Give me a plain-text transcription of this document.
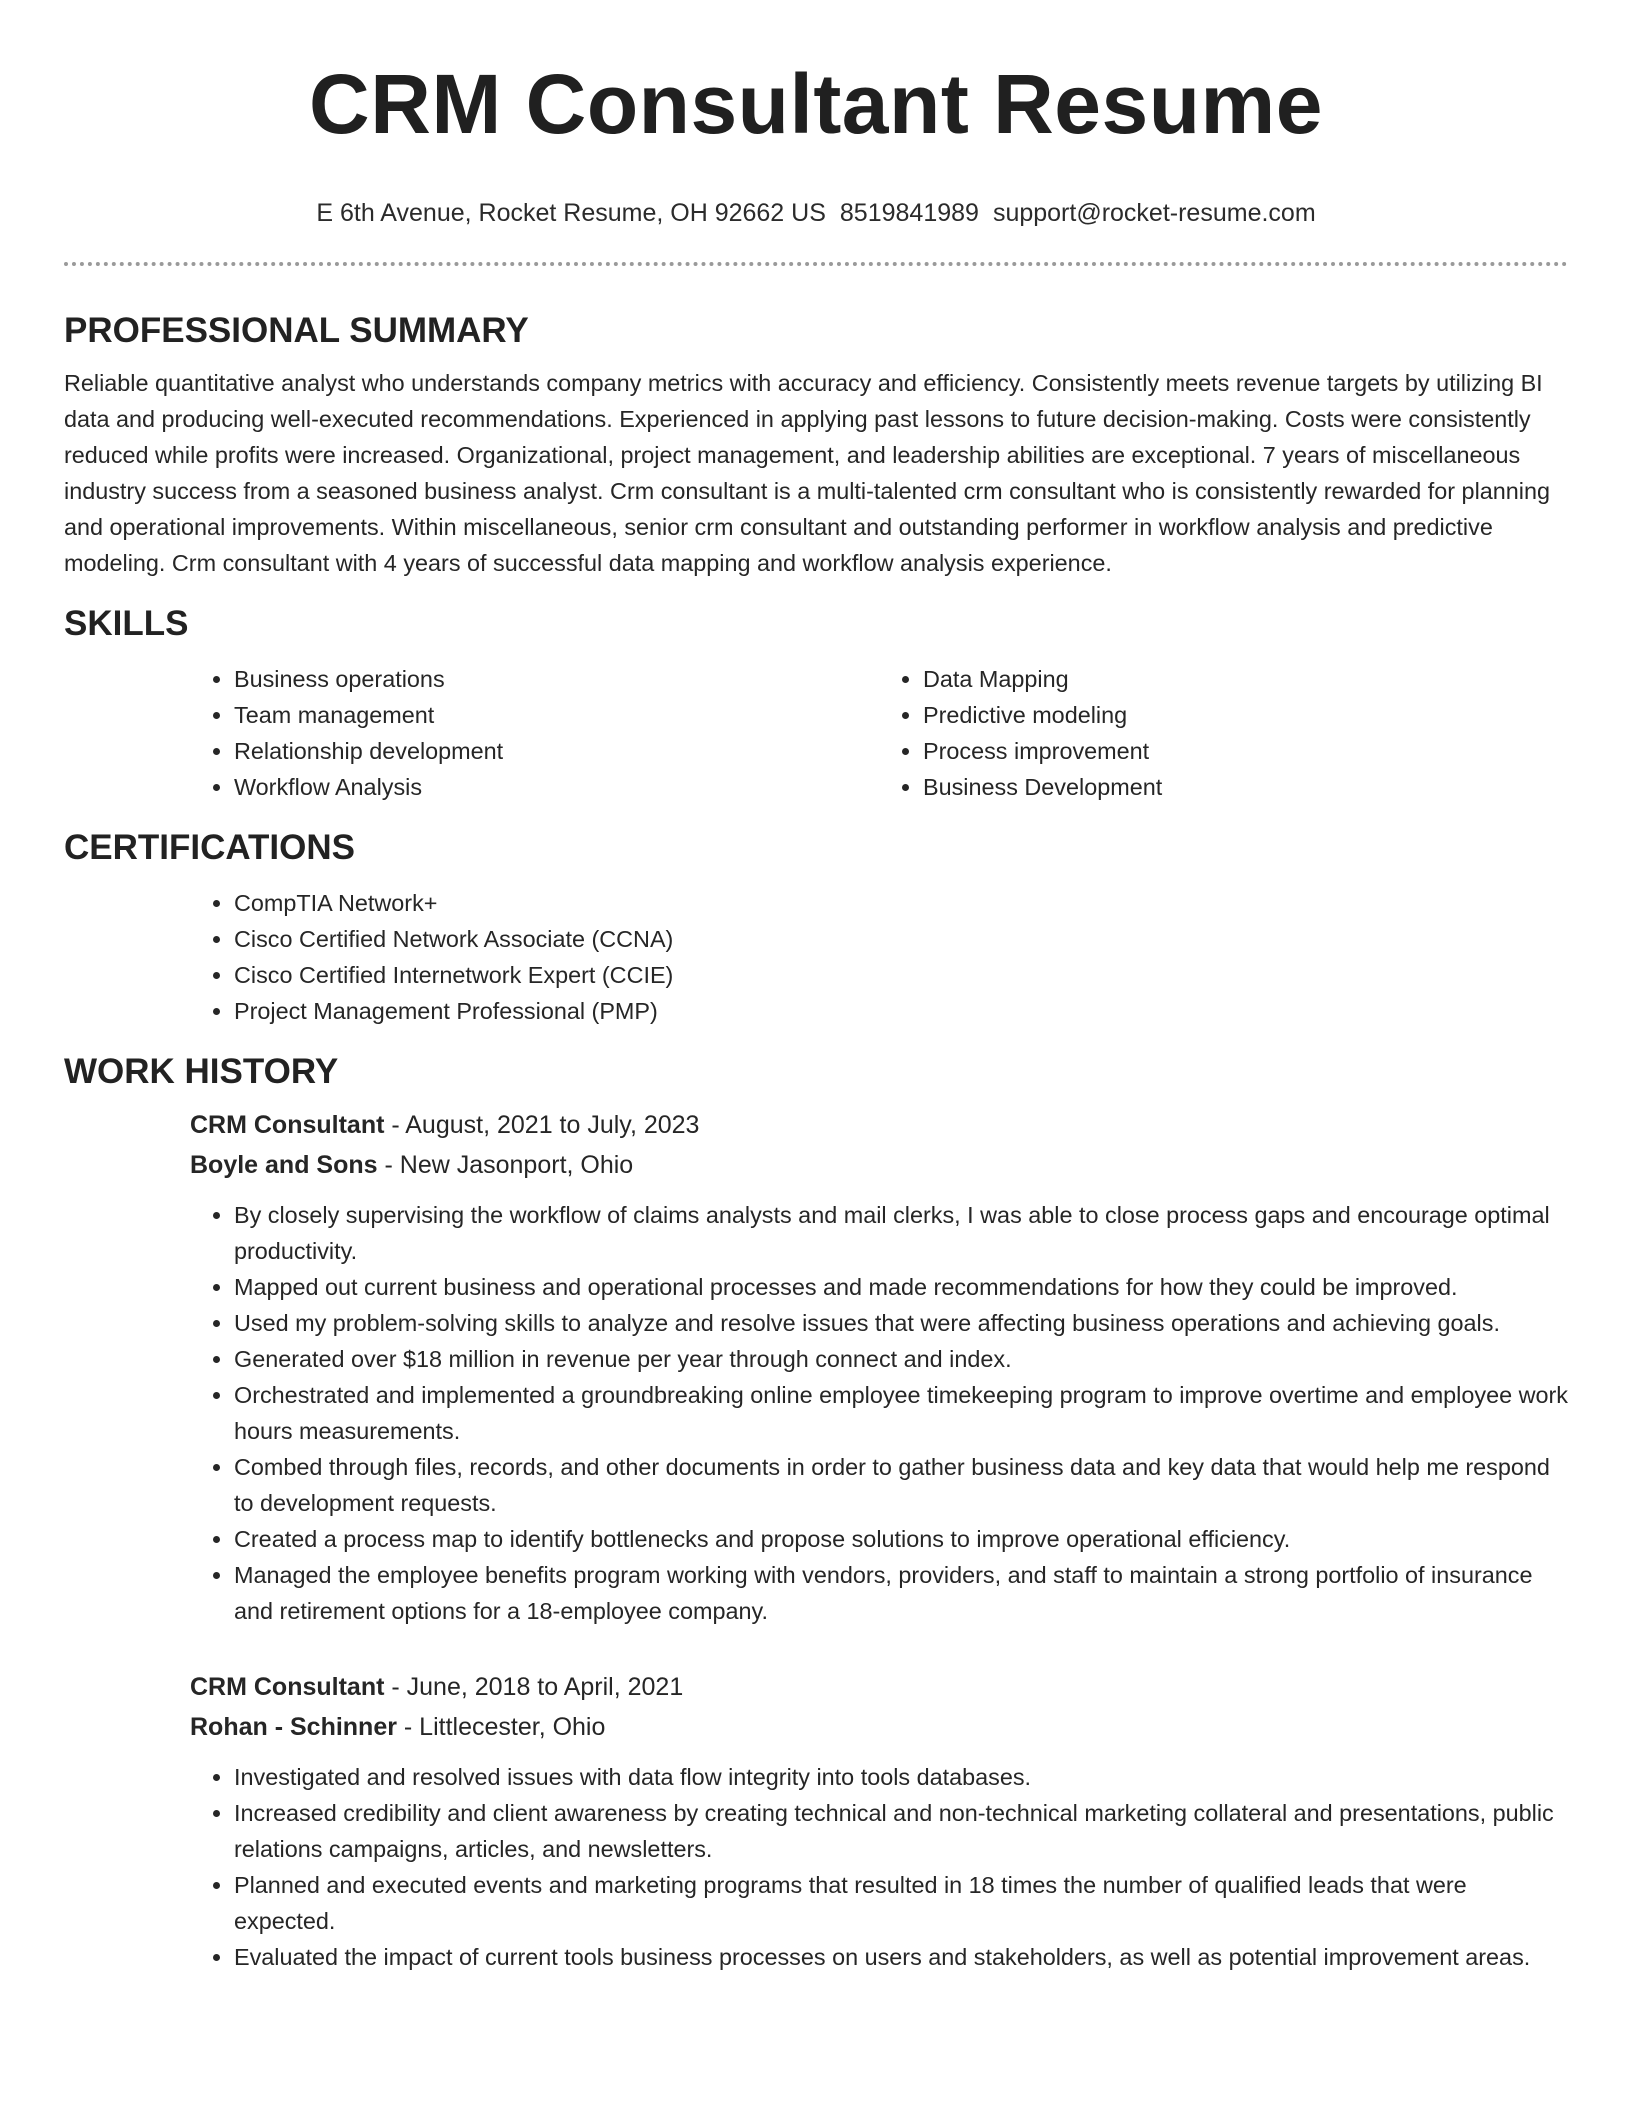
CRM Consultant Resume
E 6th Avenue, Rocket Resume, OH 92662 US 8519841989 support@rocket-resume.com
PROFESSIONAL SUMMARY

Reliable quantitative analyst who understands company metrics with accuracy and efficiency. Consistently meets revenue targets by utilizing BI data and producing well-executed recommendations. Experienced in applying past lessons to future decision-making. Costs were consistently reduced while profits were increased. Organizational, project management, and leadership abilities are exceptional. 7 years of miscellaneous industry success from a seasoned business analyst. Crm consultant is a multi-talented crm consultant who is consistently rewarded for planning and operational improvements. Within miscellaneous, senior crm consultant and outstanding performer in workflow analysis and predictive modeling. Crm consultant with 4 years of successful data mapping and workflow analysis experience.

SKILLS
• Business operations
• Team management
• Relationship development
• Workflow Analysis
• Data Mapping
• Predictive modeling
• Process improvement
• Business Development
CERTIFICATIONS
• CompTIA Network+
• Cisco Certified Network Associate (CCNA)
• Cisco Certified Internetwork Expert (CCIE)
• Project Management Professional (PMP)
WORK HISTORY
CRM Consultant - August, 2021 to July, 2023
Boyle and Sons - New Jasonport, Ohio
• By closely supervising the workflow of claims analysts and mail clerks, I was able to close process gaps and encourage optimal productivity.
• Mapped out current business and operational processes and made recommendations for how they could be improved.
• Used my problem-solving skills to analyze and resolve issues that were affecting business operations and achieving goals.
• Generated over $18 million in revenue per year through connect and index.
• Orchestrated and implemented a groundbreaking online employee timekeeping program to improve overtime and employee work hours measurements.
• Combed through files, records, and other documents in order to gather business data and key data that would help me respond to development requests.
• Created a process map to identify bottlenecks and propose solutions to improve operational efficiency.
• Managed the employee benefits program working with vendors, providers, and staff to maintain a strong portfolio of insurance and retirement options for a 18-employee company.
CRM Consultant - June, 2018 to April, 2021
Rohan - Schinner - Littlecester, Ohio
• Investigated and resolved issues with data flow integrity into tools databases.
• Increased credibility and client awareness by creating technical and non-technical marketing collateral and presentations, public relations campaigns, articles, and newsletters.
• Planned and executed events and marketing programs that resulted in 18 times the number of qualified leads that were expected.
• Evaluated the impact of current tools business processes on users and stakeholders, as well as potential improvement areas.
